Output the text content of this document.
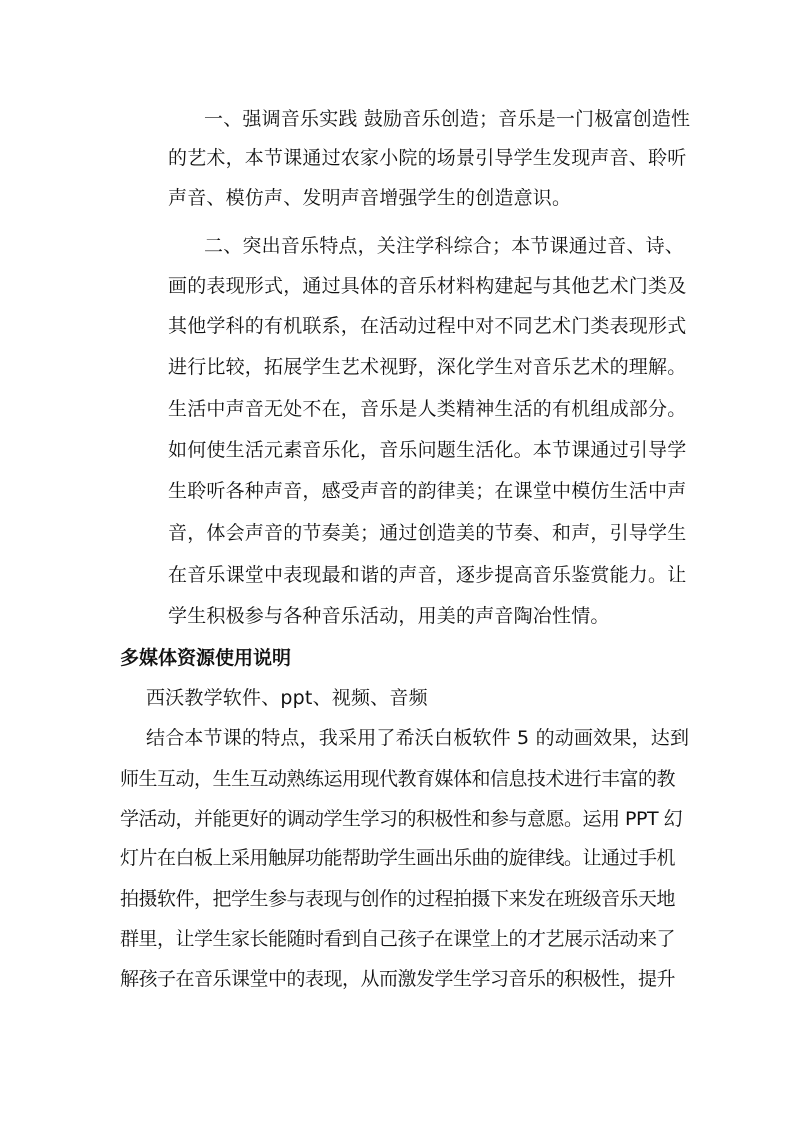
一、强调音乐实践 鼓励音乐创造；音乐是一门极富创造性
的艺术，本节课通过农家小院的场景引导学生发现声音、聆听
声音、模仿声、发明声音增强学生的创造意识。
二、突出音乐特点，关注学科综合；本节课通过音、诗、
画的表现形式，通过具体的音乐材料构建起与其他艺术门类及
其他学科的有机联系，在活动过程中对不同艺术门类表现形式
进行比较，拓展学生艺术视野，深化学生对音乐艺术的理解。
生活中声音无处不在，音乐是人类精神生活的有机组成部分。
如何使生活元素音乐化，音乐问题生活化。本节课通过引导学
生聆听各种声音，感受声音的韵律美；在课堂中模仿生活中声
音，体会声音的节奏美；通过创造美的节奏、和声，引导学生
在音乐课堂中表现最和谐的声音，逐步提高音乐鉴赏能力。让
学生积极参与各种音乐活动，用美的声音陶冶性情。
多媒体资源使用说明
西沃教学软件、ppt、视频、音频
结合本节课的特点，我采用了希沃白板软件 5 的动画效果，达到
师生互动，生生互动熟练运用现代教育媒体和信息技术进行丰富的教
学活动，并能更好的调动学生学习的积极性和参与意愿。运用 PPT 幻
灯片在白板上采用触屏功能帮助学生画出乐曲的旋律线。让通过手机
拍摄软件，把学生参与表现与创作的过程拍摄下来发在班级音乐天地
群里，让学生家长能随时看到自己孩子在课堂上的才艺展示活动来了
解孩子在音乐课堂中的表现，从而激发学生学习音乐的积极性，提升
